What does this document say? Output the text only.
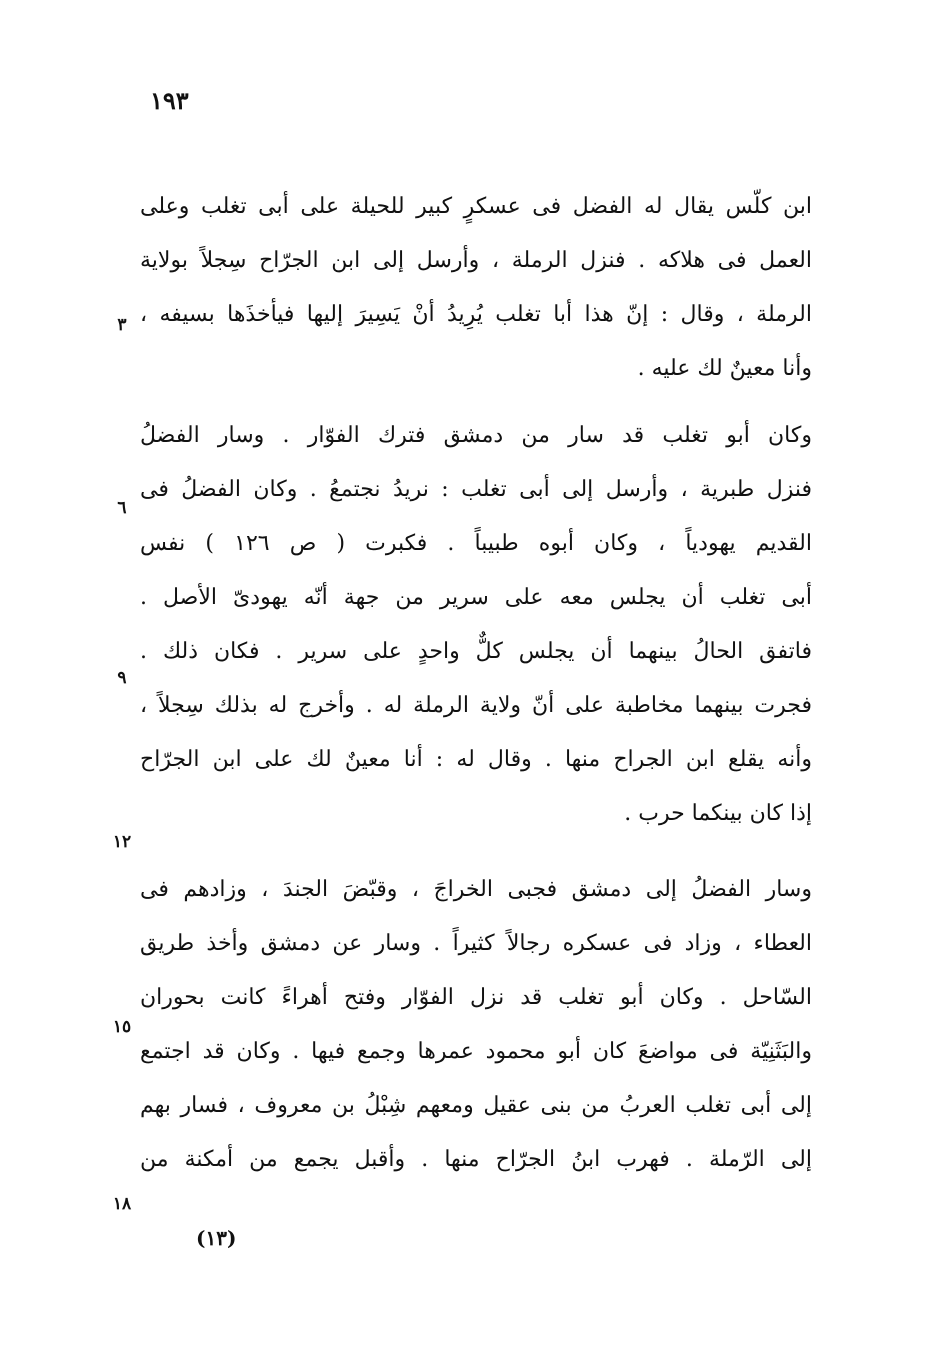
١٩٣
ابن كلّس يقال له الفضل فى عسكرٍ كبير للحيلة على أبى تغلب وعلى
العمل فى هلاكه . فنزل الرملة ، وأرسل إلى ابن الجرّاح سِجلاً بولاية
الرملة ، وقال : إنّ هذا أبا تغلب يُرِيدُ أنْ يَسِيرَ إليها فيأخذَها بسيفه ،
وأنا معينٌ لك عليه .
وكان أبو تغلب قد سار من دمشق فترك الفوّار . وسار الفضلُ
فنزل طبرية ، وأرسل إلى أبى تغلب : نريدُ نجتمعُ . وكان الفضلُ فى
القديم يهودياً ، وكان أبوه طبيباً . فكبرت ( ص ١٢٦ ) نفس
أبى تغلب أن يجلس معه على سرير من جهة أنّه يهودىّ الأصل .
فاتفق الحالُ بينهما أن يجلس كلٌّ واحدٍ على سرير . فكان ذلك .
فجرت بينهما مخاطبة على أنّ ولاية الرملة له . وأخرج له بذلك سِجلاً ،
وأنه يقلع ابن الجراح منها . وقال له : أنا معينٌ لك على ابن الجرّاح
إذا كان بينكما حرب .
وسار الفضلُ إلى دمشق فجبى الخراجَ ، وقبّضَ الجندَ ، وزادهم فى
العطاء ، وزاد فى عسكره رجالاً كثيراً . وسار عن دمشق وأخذ طريق
السّاحل . وكان أبو تغلب قد نزل الفوّار وفتح أهراءً كانت بحوران
والبَثَنِيّة فى مواضعَ كان أبو محمود عمرها وجمع فيها . وكان قد اجتمع
إلى أبى تغلب العربُ من بنى عقيل ومعهم شِبْلُ بن معروف ، فسار بهم
إلى الرّملة . فهرب ابنُ الجرّاح منها . وأقبل يجمع من أمكنة من
٣
٦
٩
١٢
١٥
١٨
(١٣)
